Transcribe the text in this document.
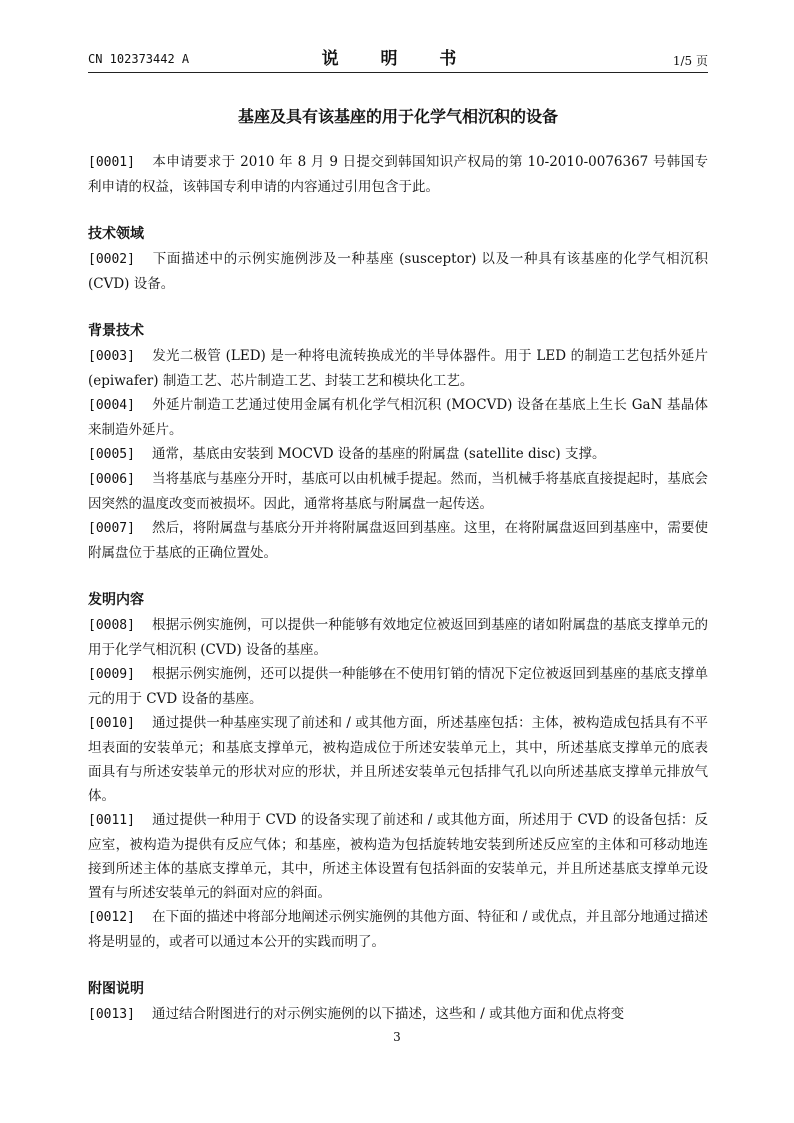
CN 102373442 A	说 明 书	1/5 页
基座及具有该基座的用于化学气相沉积的设备
[0001] 本申请要求于 2010 年 8 月 9 日提交到韩国知识产权局的第 10-2010-0076367 号韩国专利申请的权益，该韩国专利申请的内容通过引用包含于此。
技术领域
[0002] 下面描述中的示例实施例涉及一种基座 (susceptor) 以及一种具有该基座的化学气相沉积 (CVD) 设备。
背景技术
[0003] 发光二极管 (LED) 是一种将电流转换成光的半导体器件。用于 LED 的制造工艺包括外延片 (epiwafer) 制造工艺、芯片制造工艺、封装工艺和模块化工艺。
[0004] 外延片制造工艺通过使用金属有机化学气相沉积 (MOCVD) 设备在基底上生长 GaN 基晶体来制造外延片。
[0005] 通常，基底由安装到 MOCVD 设备的基座的附属盘 (satellite disc) 支撑。
[0006] 当将基底与基座分开时，基底可以由机械手提起。然而，当机械手将基底直接提起时，基底会因突然的温度改变而被损坏。因此，通常将基底与附属盘一起传送。
[0007] 然后，将附属盘与基底分开并将附属盘返回到基座。这里，在将附属盘返回到基座中，需要使附属盘位于基底的正确位置处。
发明内容
[0008] 根据示例实施例，可以提供一种能够有效地定位被返回到基座的诸如附属盘的基底支撑单元的用于化学气相沉积 (CVD) 设备的基座。
[0009] 根据示例实施例，还可以提供一种能够在不使用钉销的情况下定位被返回到基座的基底支撑单元的用于 CVD 设备的基座。
[0010] 通过提供一种基座实现了前述和 / 或其他方面，所述基座包括：主体，被构造成包括具有不平坦表面的安装单元；和基底支撑单元，被构造成位于所述安装单元上，其中，所述基底支撑单元的底表面具有与所述安装单元的形状对应的形状，并且所述安装单元包括排气孔以向所述基底支撑单元排放气体。
[0011] 通过提供一种用于 CVD 的设备实现了前述和 / 或其他方面，所述用于 CVD 的设备包括：反应室，被构造为提供有反应气体；和基座，被构造为包括旋转地安装到所述反应室的主体和可移动地连接到所述主体的基底支撑单元，其中，所述主体设置有包括斜面的安装单元，并且所述基底支撑单元设置有与所述安装单元的斜面对应的斜面。
[0012] 在下面的描述中将部分地阐述示例实施例的其他方面、特征和 / 或优点，并且部分地通过描述将是明显的，或者可以通过本公开的实践而明了。
附图说明
[0013] 通过结合附图进行的对示例实施例的以下描述，这些和 / 或其他方面和优点将变
3
